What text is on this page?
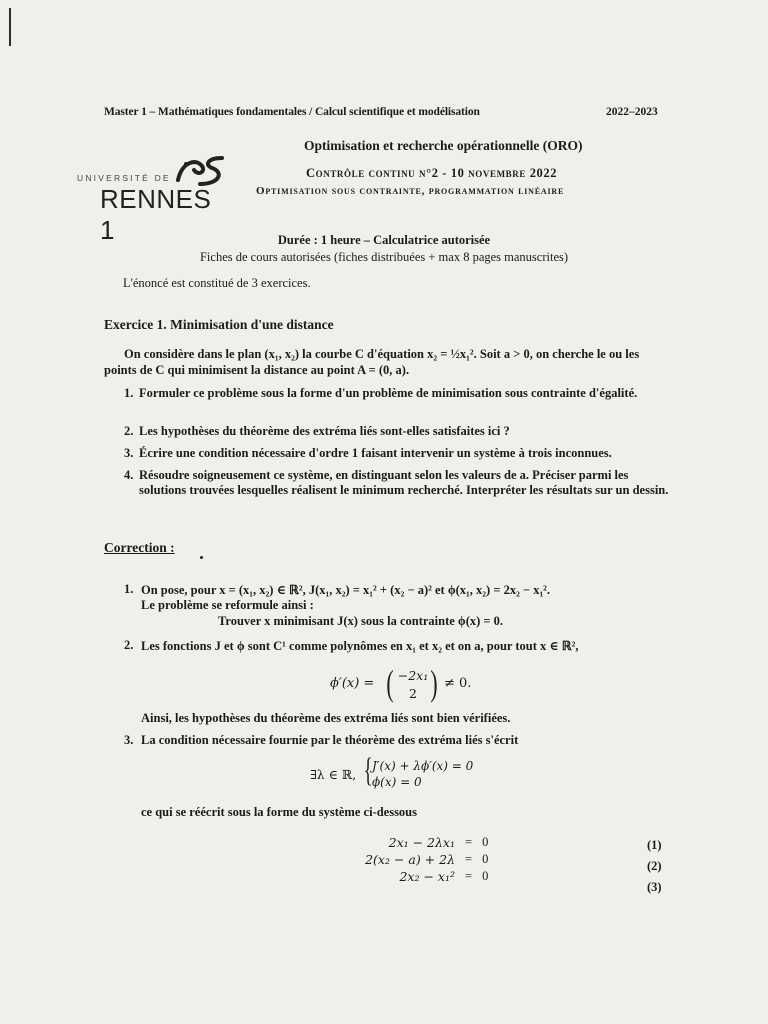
Master 1 – Mathématiques fondamentales / Calcul scientifique et modélisation	2022–2023
UNIVERSITÉ DE
RENNES 1
Optimisation et recherche opérationnelle (ORO)
Contrôle continu n°2 - 10 novembre 2022
Optimisation sous contrainte, programmation linéaire
Durée : 1 heure – Calculatrice autorisée
Fiches de cours autorisées (fiches distribuées + max 8 pages manuscrites)
L'énoncé est constitué de 3 exercices.
Exercice 1. Minimisation d'une distance
On considère dans le plan (x₁, x₂) la courbe C d'équation x₂ = ½x₁². Soit a > 0, on cherche le ou les points de C qui minimisent la distance au point A = (0, a).
1. Formuler ce problème sous la forme d'un problème de minimisation sous contrainte d'égalité.
2. Les hypothèses du théorème des extréma liés sont-elles satisfaites ici ?
3. Écrire une condition nécessaire d'ordre 1 faisant intervenir un système à trois inconnues.
4. Résoudre soigneusement ce système, en distinguant selon les valeurs de a. Préciser parmi les solutions trouvées lesquelles réalisent le minimum recherché. Interpréter les résultats sur un dessin.
Correction :
1. On pose, pour x = (x₁, x₂) ∈ ℝ², J(x₁, x₂) = x₁² + (x₂ − a)² et ϕ(x₁, x₂) = 2x₂ − x₁².
Le problème se reformule ainsi :
Trouver x minimisant J(x) sous la contrainte ϕ(x) = 0.
2. Les fonctions J et ϕ sont C¹ comme polynômes en x₁ et x₂ et on a, pour tout x ∈ ℝ²,
ϕ′(x) = ( −2x₁
2 ) ≠ 0.
Ainsi, les hypothèses du théorème des extréma liés sont bien vérifiées.
3. La condition nécessaire fournie par le théorème des extréma liés s'écrit
∃λ ∈ ℝ, { J′(x) + λϕ′(x) = 0
ϕ(x) = 0
ce qui se réécrit sous la forme du système ci-dessous
2x₁ − 2λx₁	=	0
2(x₂ − a) + 2λ	=	0
2x₂ − x₁²	=	0
(1)
(2)
(3)
